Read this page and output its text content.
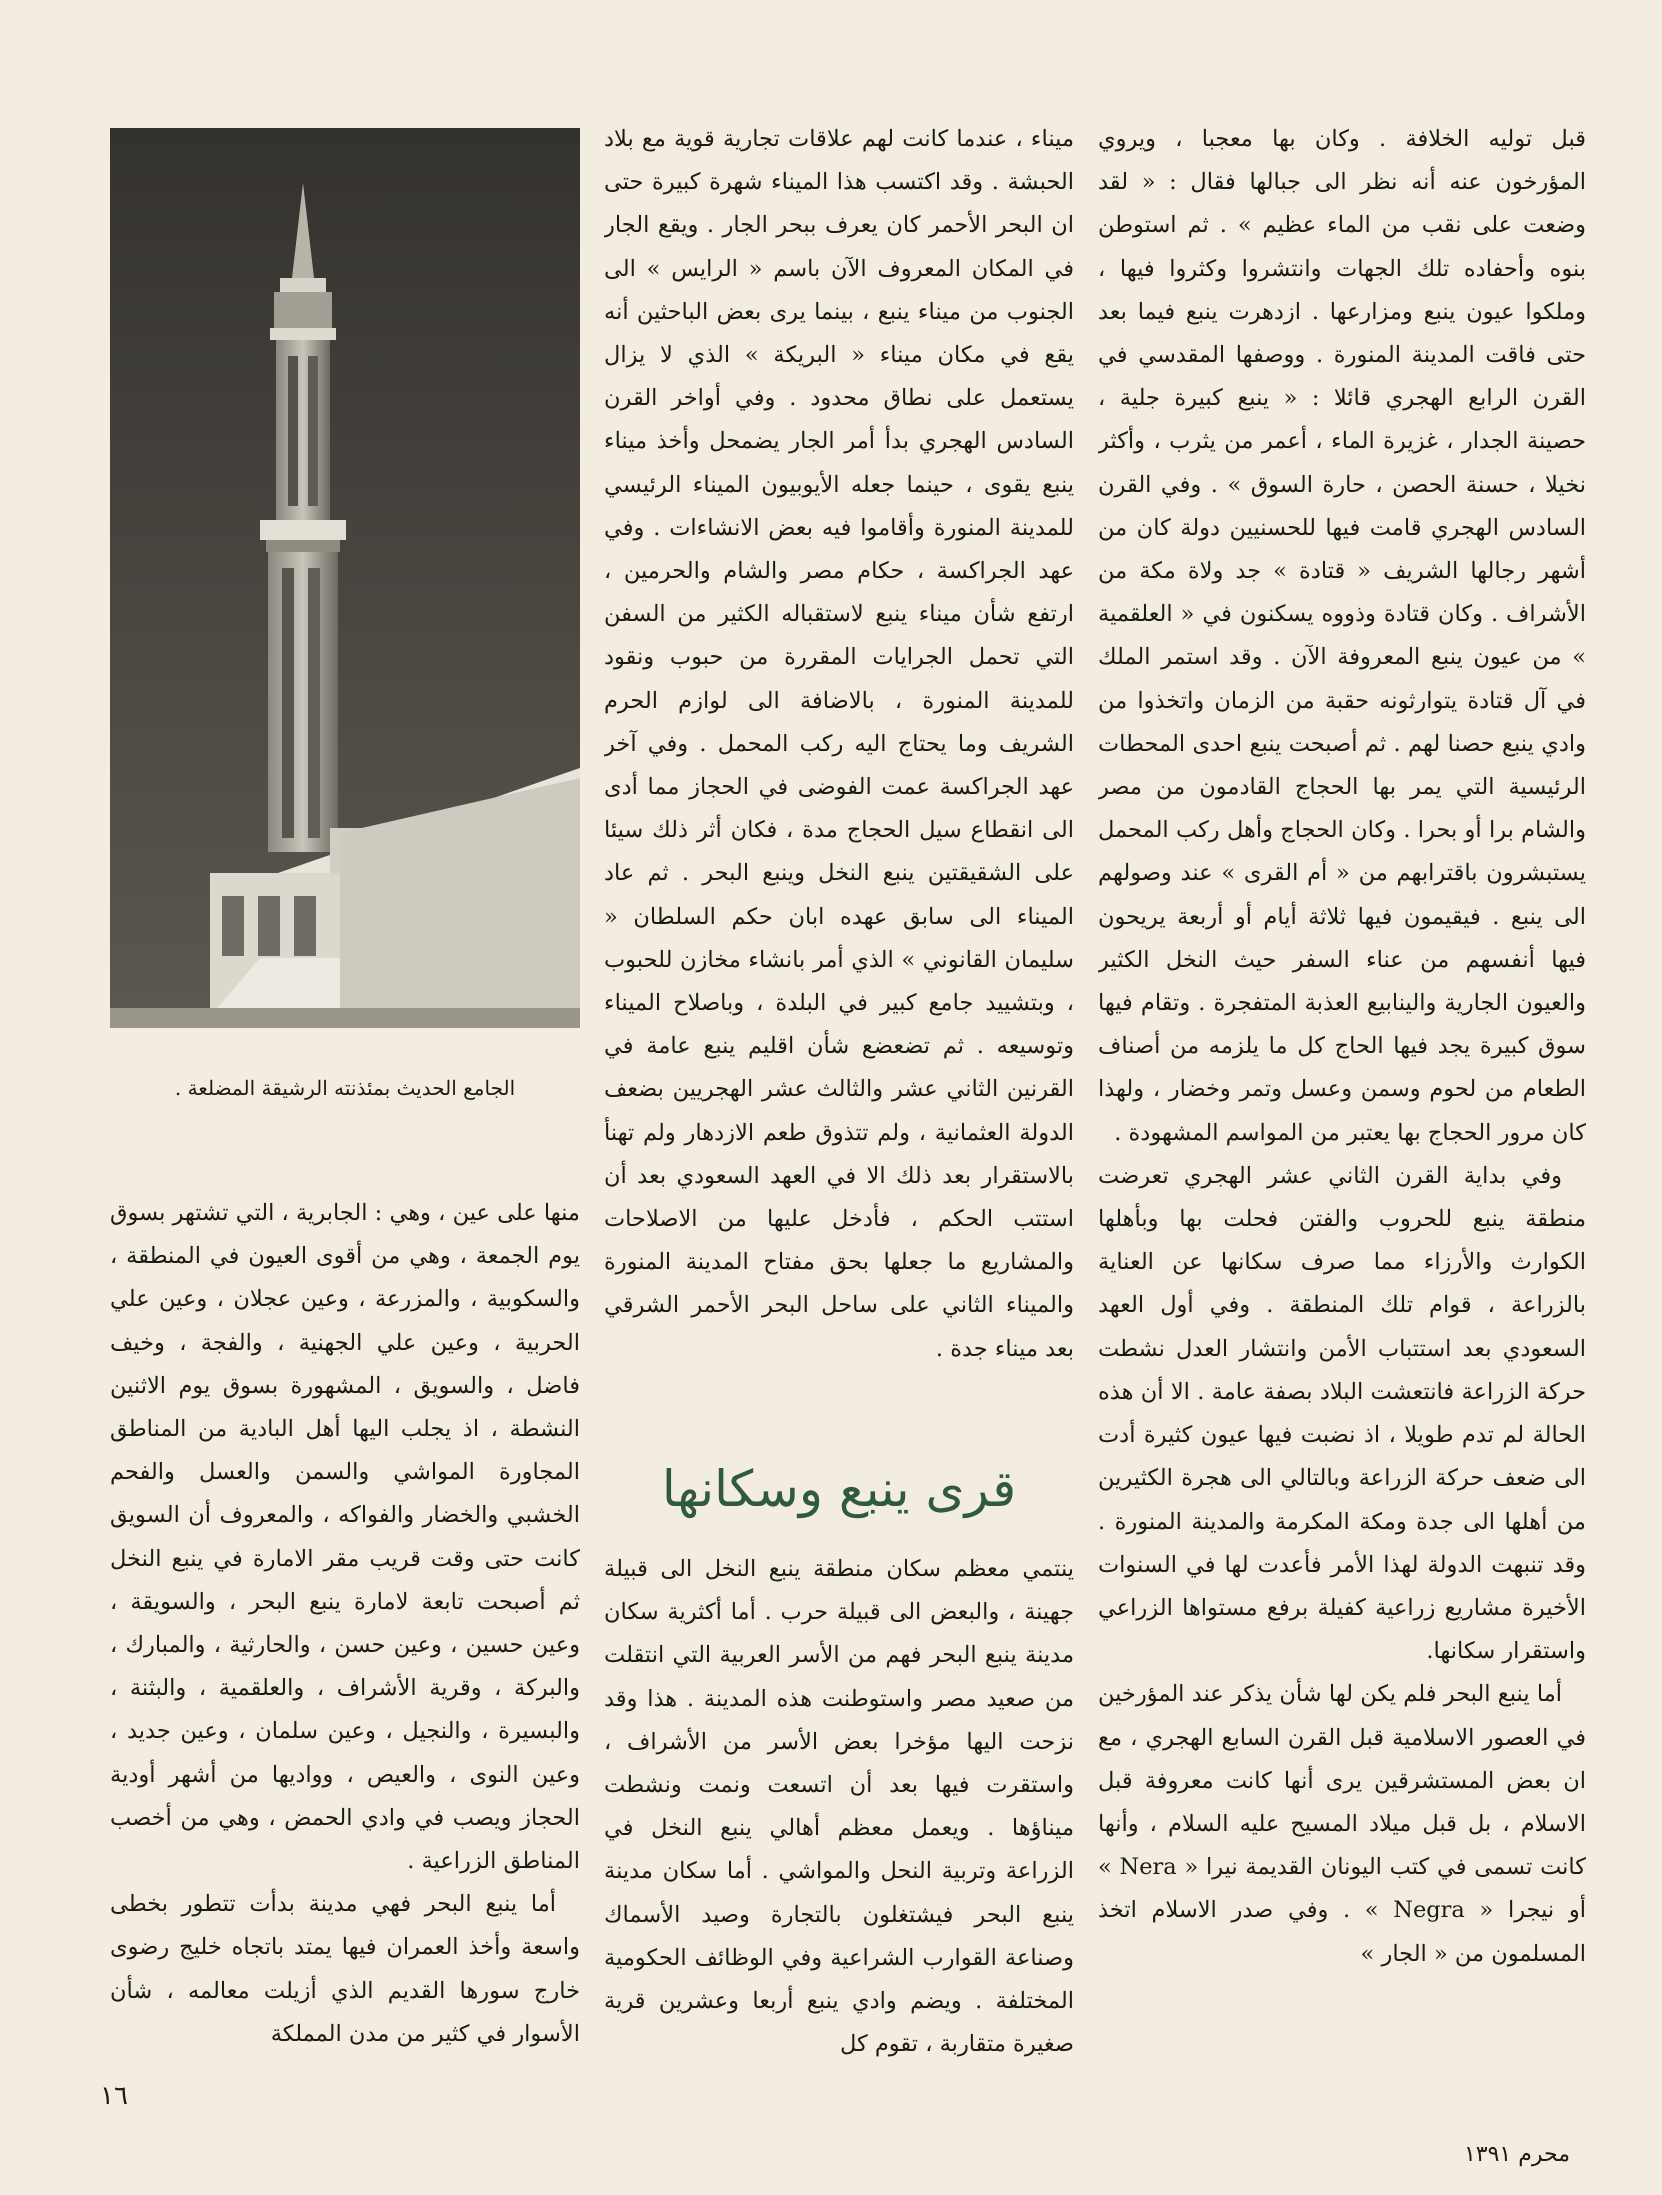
قبل توليه الخلافة . وكان بها معجبا ، ويروي المؤرخون عنه أنه نظر الى جبالها فقال : « لقد وضعت على نقب من الماء عظيم » . ثم استوطن بنوه وأحفاده تلك الجهات وانتشروا وكثروا فيها ، وملكوا عيون ينبع ومزارعها . ازدهرت ينبع فيما بعد حتى فاقت المدينة المنورة . ووصفها المقدسي في القرن الرابع الهجري قائلا : « ينبع كبيرة جلية ، حصينة الجدار ، غزيرة الماء ، أعمر من يثرب ، وأكثر نخيلا ، حسنة الحصن ، حارة السوق » . وفي القرن السادس الهجري قامت فيها للحسنيين دولة كان من أشهر رجالها الشريف « قتادة » جد ولاة مكة من الأشراف . وكان قتادة وذووه يسكنون في « العلقمية » من عيون ينبع المعروفة الآن . وقد استمر الملك في آل قتادة يتوارثونه حقبة من الزمان واتخذوا من وادي ينبع حصنا لهم . ثم أصبحت ينبع احدى المحطات الرئيسية التي يمر بها الحجاج القادمون من مصر والشام برا أو بحرا . وكان الحجاج وأهل ركب المحمل يستبشرون باقترابهم من « أم القرى » عند وصولهم الى ينبع . فيقيمون فيها ثلاثة أيام أو أربعة يريحون فيها أنفسهم من عناء السفر حيث النخل الكثير والعيون الجارية والينابيع العذبة المتفجرة . وتقام فيها سوق كبيرة يجد فيها الحاج كل ما يلزمه من أصناف الطعام من لحوم وسمن وعسل وتمر وخضار ، ولهذا كان مرور الحجاج بها يعتبر من المواسم المشهودة .

وفي بداية القرن الثاني عشر الهجري تعرضت منطقة ينبع للحروب والفتن فحلت بها وبأهلها الكوارث والأرزاء مما صرف سكانها عن العناية بالزراعة ، قوام تلك المنطقة . وفي أول العهد السعودي بعد استتباب الأمن وانتشار العدل نشطت حركة الزراعة فانتعشت البلاد بصفة عامة . الا أن هذه الحالة لم تدم طويلا ، اذ نضبت فيها عيون كثيرة أدت الى ضعف حركة الزراعة وبالتالي الى هجرة الكثيرين من أهلها الى جدة ومكة المكرمة والمدينة المنورة . وقد تنبهت الدولة لهذا الأمر فأعدت لها في السنوات الأخيرة مشاريع زراعية كفيلة برفع مستواها الزراعي واستقرار سكانها.

أما ينبع البحر فلم يكن لها شأن يذكر عند المؤرخين في العصور الاسلامية قبل القرن السابع الهجري ، مع ان بعض المستشرقين يرى أنها كانت معروفة قبل الاسلام ، بل قبل ميلاد المسيح عليه السلام ، وأنها كانت تسمى في كتب اليونان القديمة نيرا « Nera » أو نيجرا « Negra » . وفي صدر الاسلام اتخذ المسلمون من « الجار »

ميناء ، عندما كانت لهم علاقات تجارية قوية مع بلاد الحبشة . وقد اكتسب هذا الميناء شهرة كبيرة حتى ان البحر الأحمر كان يعرف ببحر الجار . ويقع الجار في المكان المعروف الآن باسم « الرايس » الى الجنوب من ميناء ينبع ، بينما يرى بعض الباحثين أنه يقع في مكان ميناء « البريكة » الذي لا يزال يستعمل على نطاق محدود . وفي أواخر القرن السادس الهجري بدأ أمر الجار يضمحل وأخذ ميناء ينبع يقوى ، حينما جعله الأيوبيون الميناء الرئيسي للمدينة المنورة وأقاموا فيه بعض الانشاءات . وفي عهد الجراكسة ، حكام مصر والشام والحرمين ، ارتفع شأن ميناء ينبع لاستقباله الكثير من السفن التي تحمل الجرايات المقررة من حبوب ونقود للمدينة المنورة ، بالاضافة الى لوازم الحرم الشريف وما يحتاج اليه ركب المحمل . وفي آخر عهد الجراكسة عمت الفوضى في الحجاز مما أدى الى انقطاع سيل الحجاج مدة ، فكان أثر ذلك سيئا على الشقيقتين ينبع النخل وينبع البحر . ثم عاد الميناء الى سابق عهده ابان حكم السلطان « سليمان القانوني » الذي أمر بانشاء مخازن للحبوب ، وبتشييد جامع كبير في البلدة ، وباصلاح الميناء وتوسيعه . ثم تضعضع شأن اقليم ينبع عامة في القرنين الثاني عشر والثالث عشر الهجريين بضعف الدولة العثمانية ، ولم تتذوق طعم الازدهار ولم تهنأ بالاستقرار بعد ذلك الا في العهد السعودي بعد أن استتب الحكم ، فأدخل عليها من الاصلاحات والمشاريع ما جعلها بحق مفتاح المدينة المنورة والميناء الثاني على ساحل البحر الأحمر الشرقي بعد ميناء جدة .

قرى ينبع وسكانها

ينتمي معظم سكان منطقة ينبع النخل الى قبيلة جهينة ، والبعض الى قبيلة حرب . أما أكثرية سكان مدينة ينبع البحر فهم من الأسر العربية التي انتقلت من صعيد مصر واستوطنت هذه المدينة . هذا وقد نزحت اليها مؤخرا بعض الأسر من الأشراف ، واستقرت فيها بعد أن اتسعت ونمت ونشطت ميناؤها . ويعمل معظم أهالي ينبع النخل في الزراعة وتربية النحل والمواشي . أما سكان مدينة ينبع البحر فيشتغلون بالتجارة وصيد الأسماك وصناعة القوارب الشراعية وفي الوظائف الحكومية المختلفة . ويضم وادي ينبع أربعا وعشرين قرية صغيرة متقاربة ، تقوم كل

الجامع الحديث بمئذنته الرشيقة المضلعة .

منها على عين ، وهي : الجابرية ، التي تشتهر بسوق يوم الجمعة ، وهي من أقوى العيون في المنطقة ، والسكوبية ، والمزرعة ، وعين عجلان ، وعين علي الحربية ، وعين علي الجهنية ، والفجة ، وخيف فاضل ، والسويق ، المشهورة بسوق يوم الاثنين النشطة ، اذ يجلب اليها أهل البادية من المناطق المجاورة المواشي والسمن والعسل والفحم الخشبي والخضار والفواكه ، والمعروف أن السويق كانت حتى وقت قريب مقر الامارة في ينبع النخل ثم أصبحت تابعة لامارة ينبع البحر ، والسويقة ، وعين حسين ، وعين حسن ، والحارثية ، والمبارك ، والبركة ، وقرية الأشراف ، والعلقمية ، والبثنة ، والبسيرة ، والنجيل ، وعين سلمان ، وعين جديد ، وعين النوى ، والعيص ، وواديها من أشهر أودية الحجاز ويصب في وادي الحمض ، وهي من أخصب المناطق الزراعية .

أما ينبع البحر فهي مدينة بدأت تتطور بخطى واسعة وأخذ العمران فيها يمتد باتجاه خليج رضوى خارج سورها القديم الذي أزيلت معالمه ، شأن الأسوار في كثير من مدن المملكة

١٦
محرم ١٣٩١
